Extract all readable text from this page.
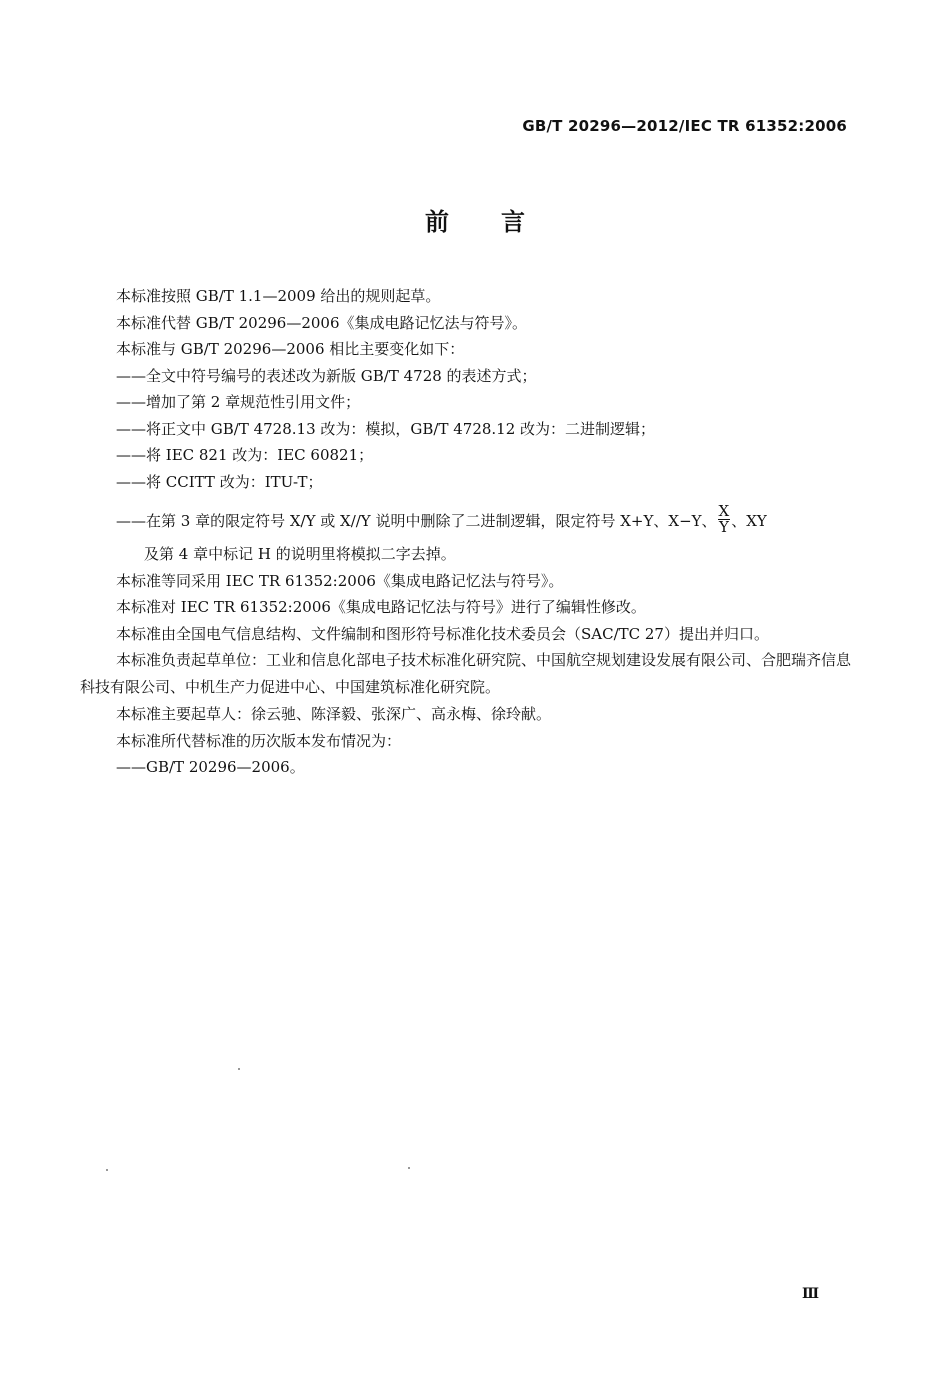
GB/T 20296—2012/IEC TR 61352:2006
前言
本标准按照 GB/T 1.1—2009 给出的规则起草。
本标准代替 GB/T 20296—2006《集成电路记忆法与符号》。
本标准与 GB/T 20296—2006 相比主要变化如下：
——全文中符号编号的表述改为新版 GB/T 4728 的表述方式；
——增加了第 2 章规范性引用文件；
——将正文中 GB/T 4728.13 改为：模拟，GB/T 4728.12 改为：二进制逻辑；
——将 IEC 821 改为：IEC 60821；
——将 CCITT 改为：ITU-T；
——在第 3 章的限定符号 X/Y 或 X//Y 说明中删除了二进制逻辑，限定符号 X+Y、X−Y、 $\frac{X}{Y}$ 、XY
及第 4 章中标记 H 的说明里将模拟二字去掉。
本标准等同采用 IEC TR 61352:2006《集成电路记忆法与符号》。
本标准对 IEC TR 61352:2006《集成电路记忆法与符号》进行了编辑性修改。
本标准由全国电气信息结构、文件编制和图形符号标准化技术委员会（SAC/TC 27）提出并归口。
本标准负责起草单位：工业和信息化部电子技术标准化研究院、中国航空规划建设发展有限公司、合肥瑞齐信息科技有限公司、中机生产力促进中心、中国建筑标准化研究院。
本标准主要起草人：徐云驰、陈泽毅、张深广、高永梅、徐玲献。
本标准所代替标准的历次版本发布情况为：
——GB/T 20296—2006。
Ⅲ
